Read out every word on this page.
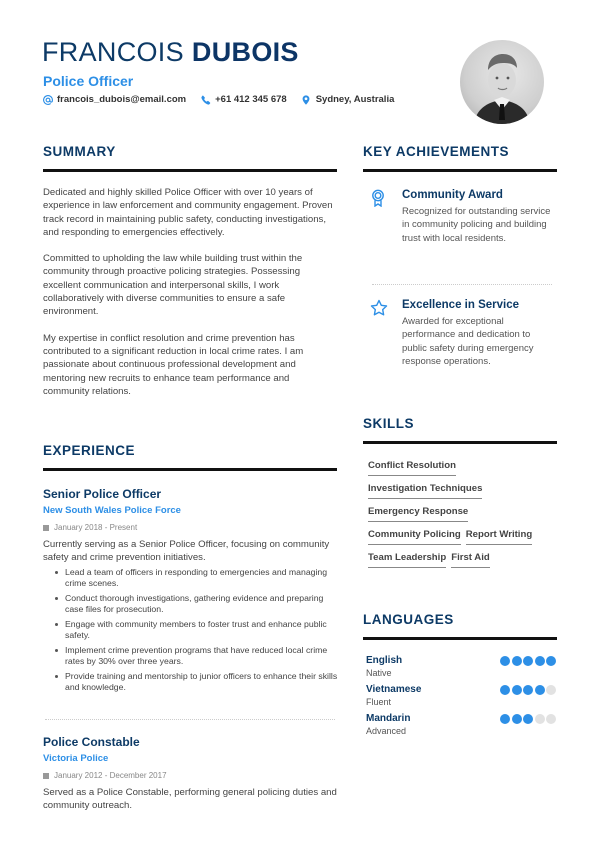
FRANCOIS DUBOIS
Police Officer
francois_dubois@email.com	+61 412 345 678	Sydney, Australia
SUMMARY

Dedicated and highly skilled Police Officer with over 10 years of experience in law enforcement and community engagement. Proven track record in maintaining public safety, conducting investigations, and responding to emergencies effectively.

Committed to upholding the law while building trust within the community through proactive policing strategies. Possessing excellent communication and interpersonal skills, I work collaboratively with diverse communities to ensure a safe environment.

My expertise in conflict resolution and crime prevention has contributed to a significant reduction in local crime rates. I am passionate about continuous professional development and mentoring new recruits to enhance team performance and community relations.

EXPERIENCE
Senior Police Officer
New South Wales Police Force
January 2018 - Present
Currently serving as a Senior Police Officer, focusing on community safety and crime prevention initiatives.
Lead a team of officers in responding to emergencies and managing crime scenes.
Conduct thorough investigations, gathering evidence and preparing case files for prosecution.
Engage with community members to foster trust and enhance public safety.
Implement crime prevention programs that have reduced local crime rates by 30% over three years.
Provide training and mentorship to junior officers to enhance their skills and knowledge.
Police Constable
Victoria Police
January 2012 - December 2017
Served as a Police Constable, performing general policing duties and community outreach.
KEY ACHIEVEMENTS
Community Award
Recognized for outstanding service in community policing and building trust with local residents.
Excellence in Service
Awarded for exceptional performance and dedication to public safety during emergency response operations.
SKILLS
Conflict Resolution
Investigation Techniques
Emergency Response
Community Policing Report Writing
Team Leadership First Aid
LANGUAGES
English
Native
Vietnamese
Fluent
Mandarin
Advanced
